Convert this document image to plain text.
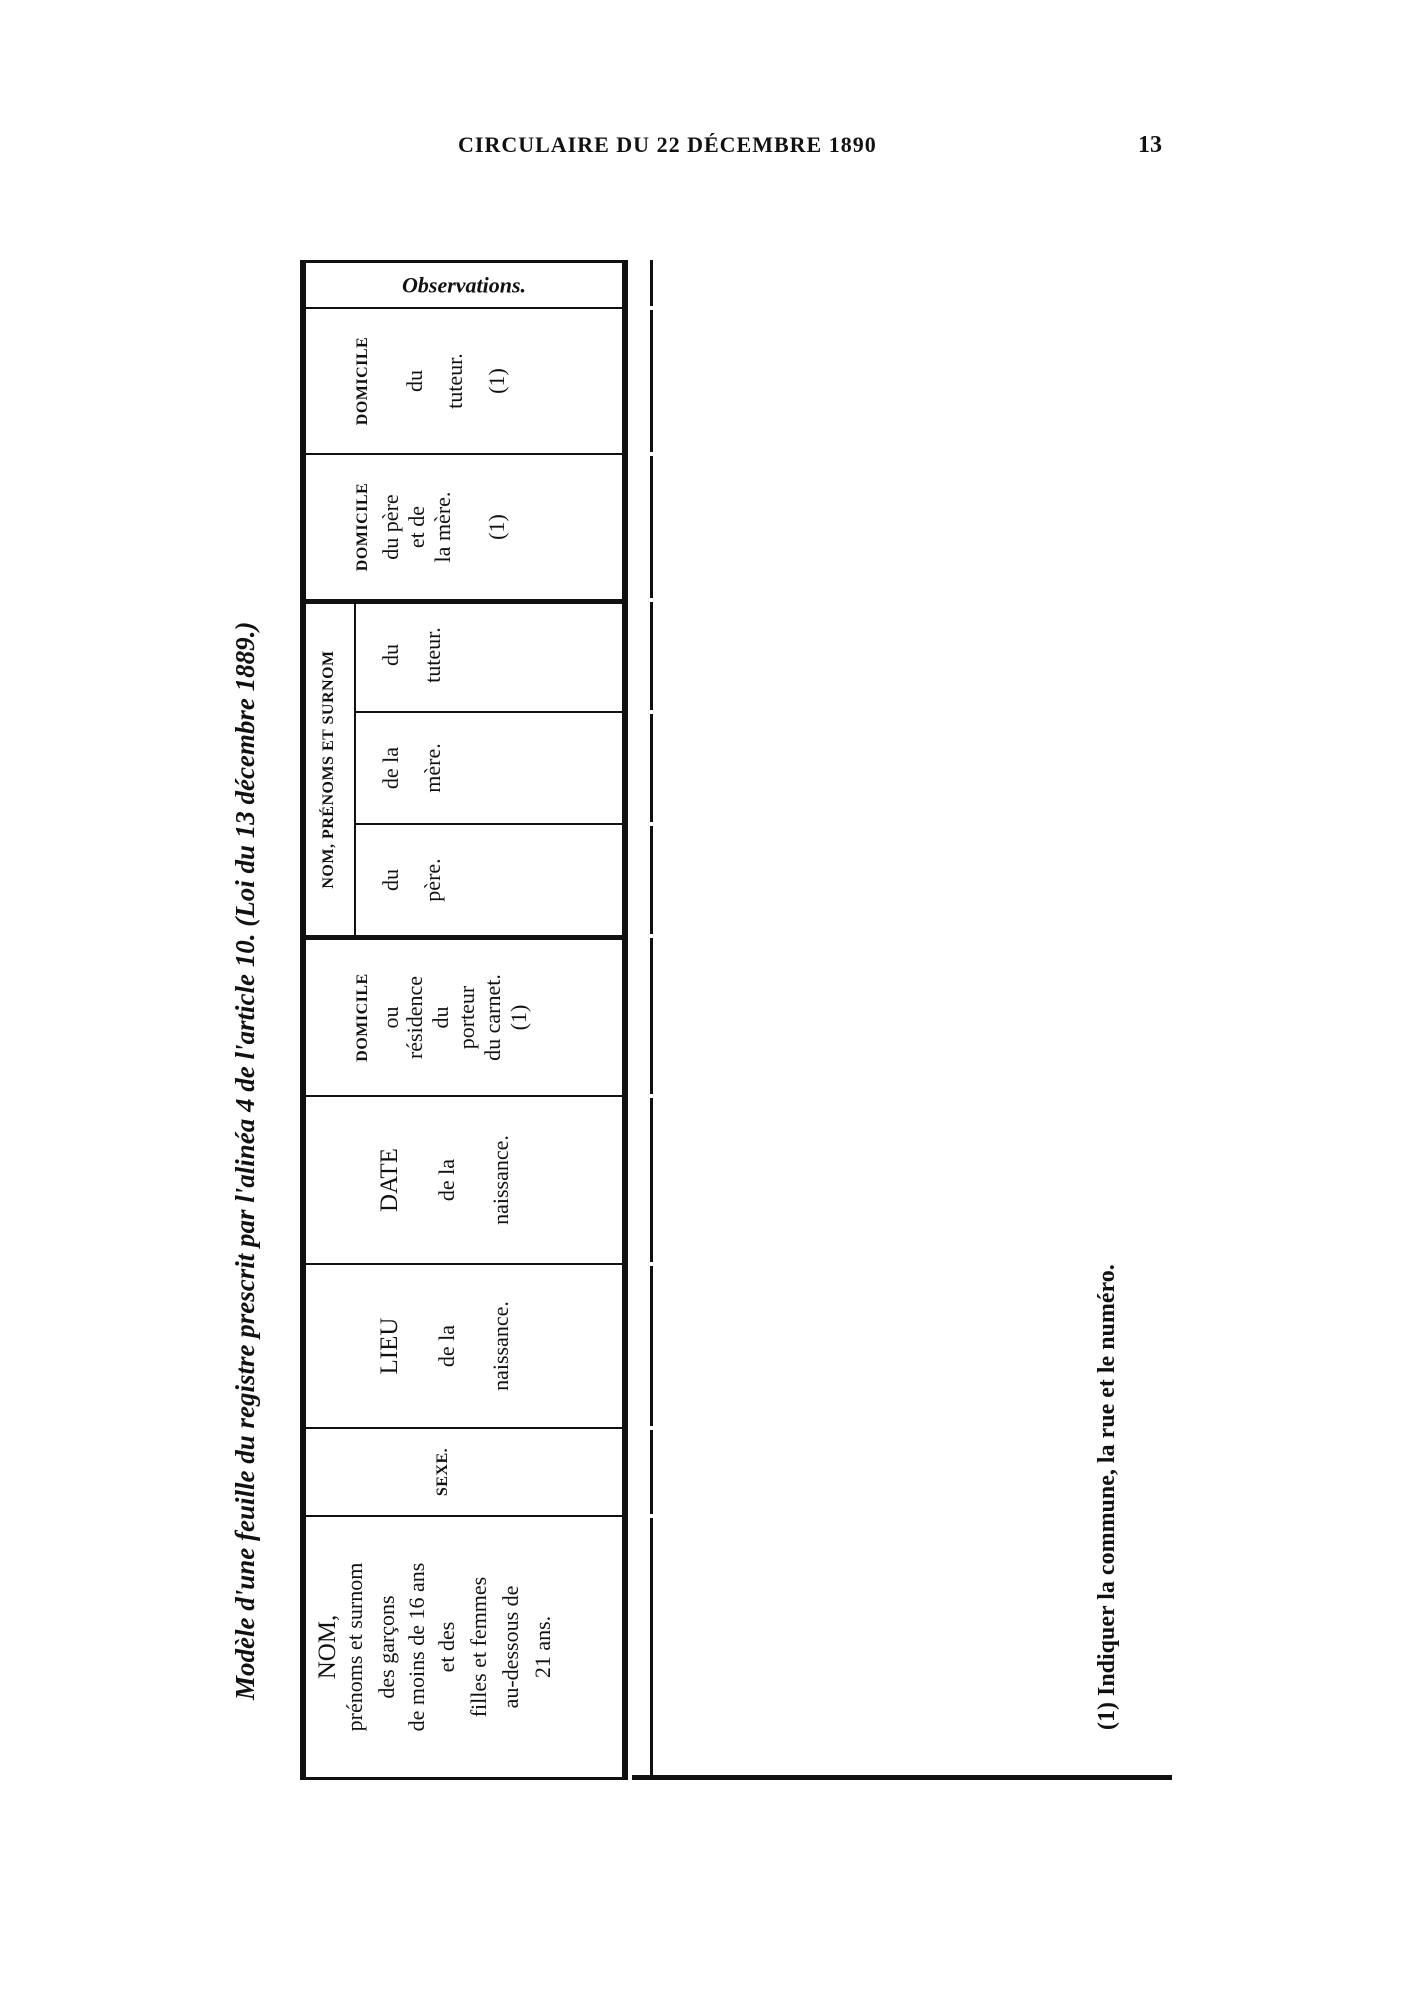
CIRCULAIRE DU 22 DÉCEMBRE 1890	13
Modèle d'une feuille du registre prescrit par l'alinéa 4 de l'article 10. (Loi du 13 décembre 1889.) NOM, prénoms et surnom des garçons de moins de 16 ans et des filles et femmes au-dessous de 21 ans.
SEXE.
LIEU de la naissance.
DATE de la naissance.
DOMICILE ou résidence du porteur du carnet. (1)
NOM, PRÉNOMS ET SURNOM du père.
de la mère.
du tuteur.
DOMICILE du père et de la mère. (1)
DOMICILE du tuteur. (1)
Observations.
(1) Indiquer la commune, la rue et le numéro.
